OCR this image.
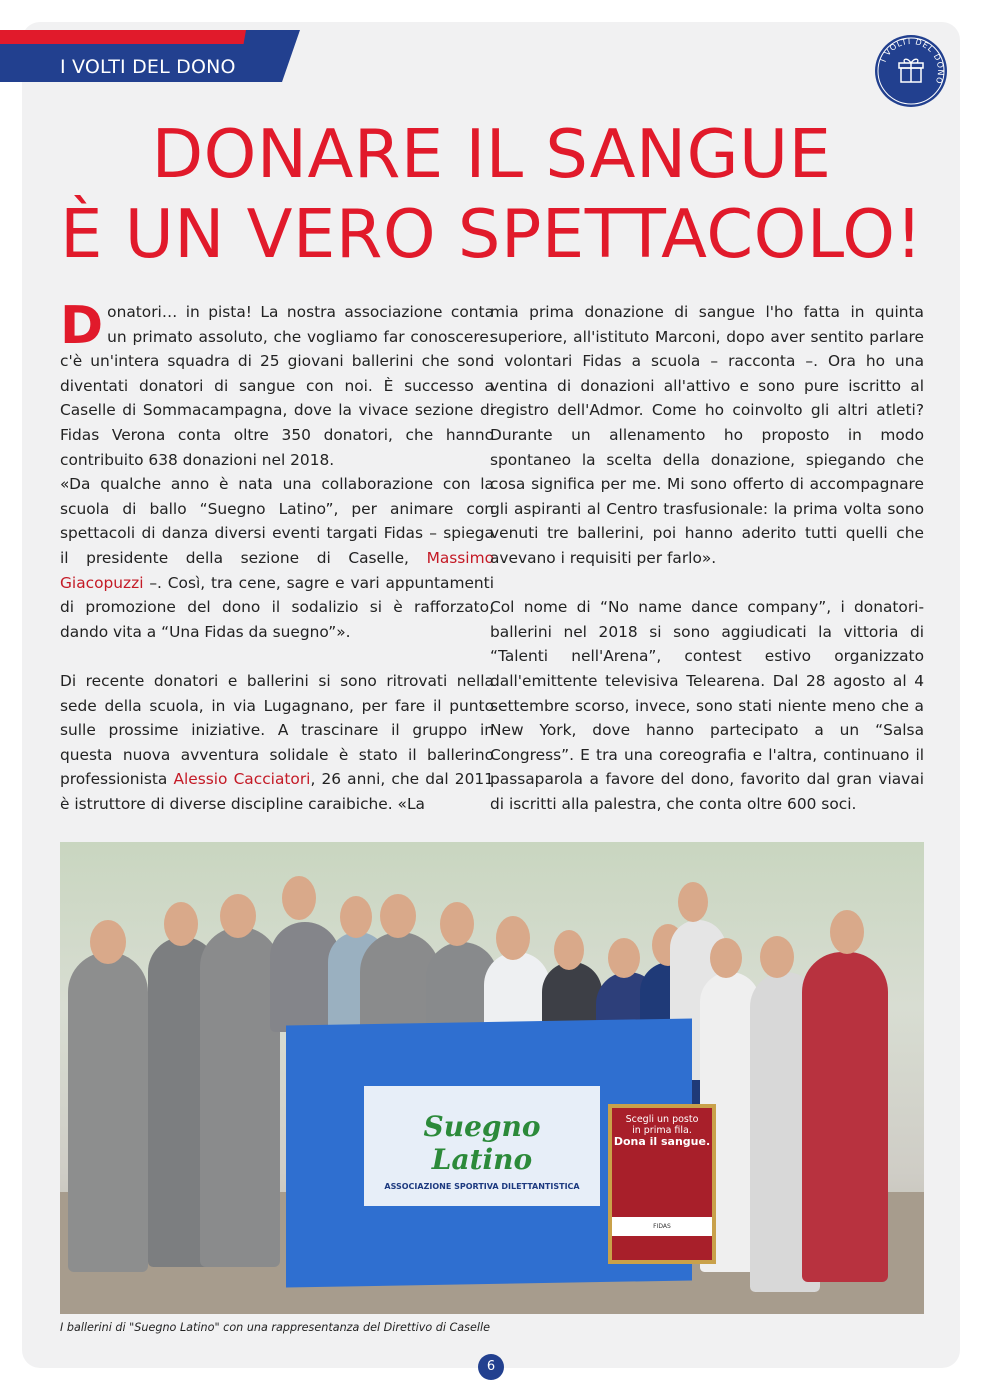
I VOLTI DEL DONO	I VOLTI DEL DONO
DONARE IL SANGUE
È UN VERO SPETTACOLO!

Donatori… in pista! La nostra associazione conta un primato assoluto, che vogliamo far conoscere: c'è un'intera squadra di 25 giovani ballerini che sono diventati donatori di sangue con noi. È successo a Caselle di Sommacampagna, dove la vivace sezione di Fidas Verona conta oltre 350 donatori, che hanno contribuito 638 donazioni nel 2018.

«Da qualche anno è nata una collaborazione con la scuola di ballo “Suegno Latino”, per animare con spettacoli di danza diversi eventi targati Fidas – spiega il presidente della sezione di Caselle, Massimo Giacopuzzi –. Così, tra cene, sagre e vari appuntamenti di promozione del dono il sodalizio si è rafforzato, dando vita a “Una Fidas da suegno”».

Di recente donatori e ballerini si sono ritrovati nella sede della scuola, in via Lugagnano, per fare il punto sulle prossime iniziative. A trascinare il gruppo in questa nuova avventura solidale è stato il ballerino professionista Alessio Cacciatori, 26 anni, che dal 2011 è istruttore di diverse discipline caraibiche. «La

mia prima donazione di sangue l'ho fatta in quinta superiore, all'istituto Marconi, dopo aver sentito parlare i volontari Fidas a scuola – racconta –. Ora ho una ventina di donazioni all'attivo e sono pure iscritto al registro dell'Admor. Come ho coinvolto gli altri atleti? Durante un allenamento ho proposto in modo spontaneo la scelta della donazione, spiegando che cosa significa per me. Mi sono offerto di accompagnare gli aspiranti al Centro trasfusionale: la prima volta sono venuti tre ballerini, poi hanno aderito tutti quelli che avevano i requisiti per farlo».

Col nome di “No name dance company”, i donatori-ballerini nel 2018 si sono aggiudicati la vittoria di “Talenti nell'Arena”, contest estivo organizzato dall'emittente televisiva Telearena. Dal 28 agosto al 4 settembre scorso, invece, sono stati niente meno che a New York, dove hanno partecipato a un “Salsa Congress”. E tra una coreografia e l'altra, continuano il passaparola a favore del dono, favorito dal gran viavai di iscritti alla palestra, che conta oltre 600 soci.

Suegno Latino
ASSOCIAZIONE SPORTIVA DILETTANTISTICA
Scegli un posto
in prima fila.
Dona il sangue.
FIDAS
I ballerini di "Suegno Latino" con una rappresentanza del Direttivo di Caselle
6
